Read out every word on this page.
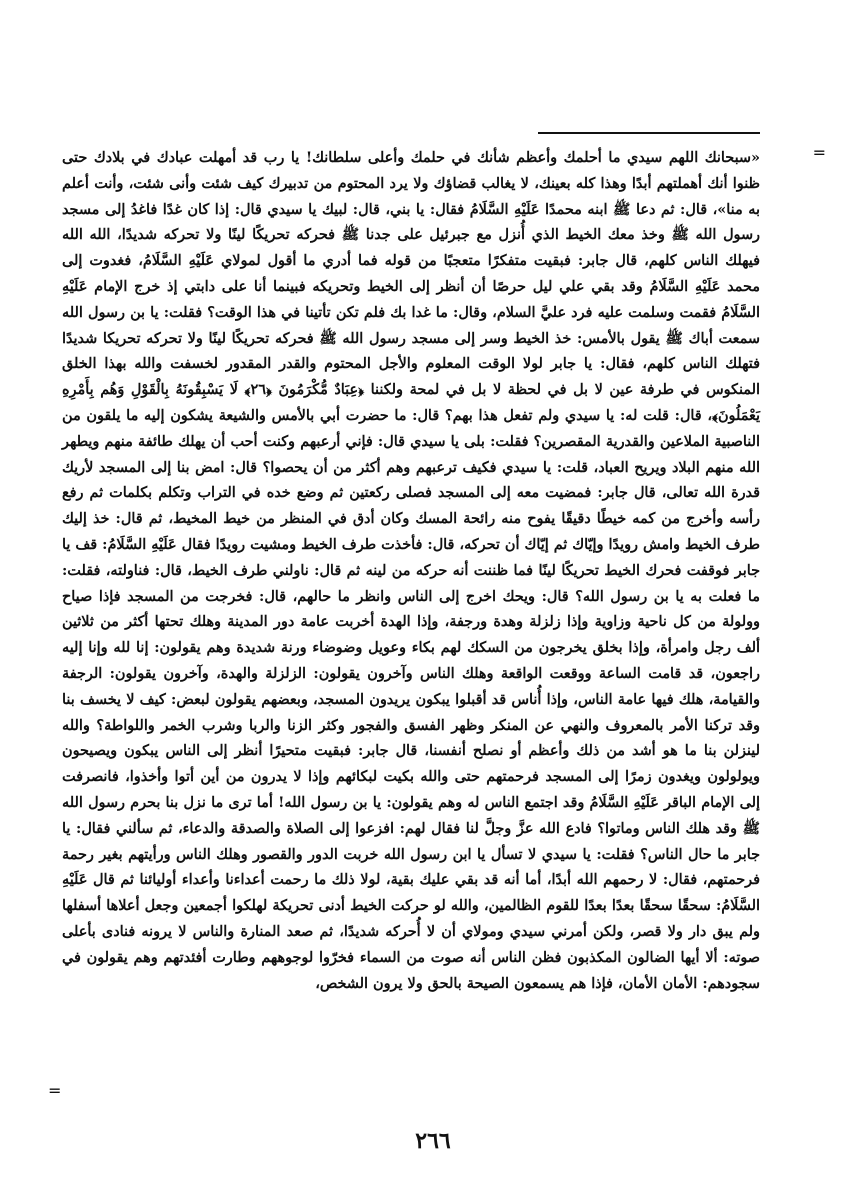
=

«سبحانك اللهم سيدي ما أحلمك وأعظم شأنك في حلمك وأعلى سلطانك! يا رب قد أمهلت عبادك في بلادك حتى ظنوا أنك أهملتهم أبدًا وهذا كله بعينك، لا يغالب قضاؤك ولا يرد المحتوم من تدبيرك كيف شئت وأنى شئت، وأنت أعلم به منا»، قال: ثم دعا ﷺ ابنه محمدًا عَلَيْهِ السَّلَامُ فقال: يا بني، قال: لبيك يا سيدي قال: إذا كان غدًا فاغدُ إلى مسجد رسول الله ﷺ وخذ معك الخيط الذي أُنزل مع جبرئيل على جدنا ﷺ فحركه تحريكًا لينًا ولا تحركه شديدًا، الله الله فيهلك الناس كلهم، قال جابر: فبقيت متفكرًا متعجبًا من قوله فما أدري ما أقول لمولاي عَلَيْهِ السَّلَامُ، فغدوت إلى محمد عَلَيْهِ السَّلَامُ وقد بقي علي ليل حرصًا أن أنظر إلى الخيط وتحريكه فبينما أنا على دابتي إذ خرج الإمام عَلَيْهِ السَّلَامُ فقمت وسلمت عليه فرد عليَّ السلام، وقال: ما غدا بك فلم تكن تأتينا في هذا الوقت؟ فقلت: يا بن رسول الله سمعت أباك ﷺ يقول بالأمس: خذ الخيط وسر إلى مسجد رسول الله ﷺ فحركه تحريكًا لينًا ولا تحركه تحريكا شديدًا فتهلك الناس كلهم، فقال: يا جابر لولا الوقت المعلوم والأجل المحتوم والقدر المقدور لخسفت والله بهذا الخلق المنكوس في طرفة عين لا بل في لحظة لا بل في لمحة ولكننا ﴿عِبَادٌ مُّكْرَمُونَ ﴿٢٦﴾ لَا يَسْبِقُونَهُ بِالْقَوْلِ وَهُم بِأَمْرِهِ يَعْمَلُونَ﴾، قال: قلت له: يا سيدي ولم تفعل هذا بهم؟ قال: ما حضرت أبي بالأمس والشيعة يشكون إليه ما يلقون من الناصبية الملاعين والقدرية المقصرين؟ فقلت: بلى يا سيدي قال: فإني أرعبهم وكنت أحب أن يهلك طائفة منهم ويطهر الله منهم البلاد ويريح العباد، قلت: يا سيدي فكيف ترعبهم وهم أكثر من أن يحصوا؟ قال: امض بنا إلى المسجد لأريك قدرة الله تعالى، قال جابر: فمضيت معه إلى المسجد فصلى ركعتين ثم وضع خده في التراب وتكلم بكلمات ثم رفع رأسه وأخرج من كمه خيطًا دقيقًا يفوح منه رائحة المسك وكان أدق في المنظر من خيط المخيط، ثم قال: خذ إليك طرف الخيط وامش رويدًا وإيّاك ثم إيّاك أن تحركه، قال: فأخذت طرف الخيط ومشيت رويدًا فقال عَلَيْهِ السَّلَامُ: قف يا جابر فوقفت فحرك الخيط تحريكًا لينًا فما ظننت أنه حركه من لينه ثم قال: ناولني طرف الخيط، قال: فناولته، فقلت: ما فعلت به يا بن رسول الله؟ قال: ويحك اخرج إلى الناس وانظر ما حالهم، قال: فخرجت من المسجد فإذا صياح وولولة من كل ناحية وزاوية وإذا زلزلة وهدة ورجفة، وإذا الهدة أخربت عامة دور المدينة وهلك تحتها أكثر من ثلاثين ألف رجل وامرأة، وإذا بخلق يخرجون من السكك لهم بكاء وعويل وضوضاء ورنة شديدة وهم يقولون: إنا لله وإنا إليه راجعون، قد قامت الساعة ووقعت الواقعة وهلك الناس وآخرون يقولون: الزلزلة والهدة، وآخرون يقولون: الرجفة والقيامة، هلك فيها عامة الناس، وإذا أُناس قد أقبلوا يبكون يريدون المسجد، وبعضهم يقولون لبعض: كيف لا يخسف بنا وقد تركنا الأمر بالمعروف والنهي عن المنكر وظهر الفسق والفجور وكثر الزنا والربا وشرب الخمر واللواطة؟ والله لينزلن بنا ما هو أشد من ذلك وأعظم أو نصلح أنفسنا، قال جابر: فبقيت متحيرًا أنظر إلى الناس يبكون ويصيحون ويولولون ويغدون زمرًا إلى المسجد فرحمتهم حتى والله بكيت لبكائهم وإذا لا يدرون من أين أتوا وأخذوا، فانصرفت إلى الإمام الباقر عَلَيْهِ السَّلَامُ وقد اجتمع الناس له وهم يقولون: يا بن رسول الله! أما ترى ما نزل بنا بحرم رسول الله ﷺ وقد هلك الناس وماتوا؟ فادع الله عزَّ وجلَّ لنا فقال لهم: افزعوا إلى الصلاة والصدقة والدعاء، ثم سألني فقال: يا جابر ما حال الناس؟ فقلت: يا سيدي لا تسأل يا ابن رسول الله خربت الدور والقصور وهلك الناس ورأيتهم بغير رحمة فرحمتهم، فقال: لا رحمهم الله أبدًا، أما أنه قد بقي عليك بقية، لولا ذلك ما رحمت أعداءنا وأعداء أوليائنا ثم قال عَلَيْهِ السَّلَامُ: سحقًا سحقًا بعدًا بعدًا للقوم الظالمين، والله لو حركت الخيط أدنى تحريكة لهلكوا أجمعين وجعل أعلاها أسفلها ولم يبق دار ولا قصر، ولكن أمرني سيدي ومولاي أن لا أُحركه شديدًا، ثم صعد المنارة والناس لا يرونه فنادى بأعلى صوته: ألا أيها الضالون المكذبون فظن الناس أنه صوت من السماء فخرّوا لوجوههم وطارت أفئدتهم وهم يقولون في سجودهم: الأمان الأمان، فإذا هم يسمعون الصيحة بالحق ولا يرون الشخص،

=
٢٦٦
